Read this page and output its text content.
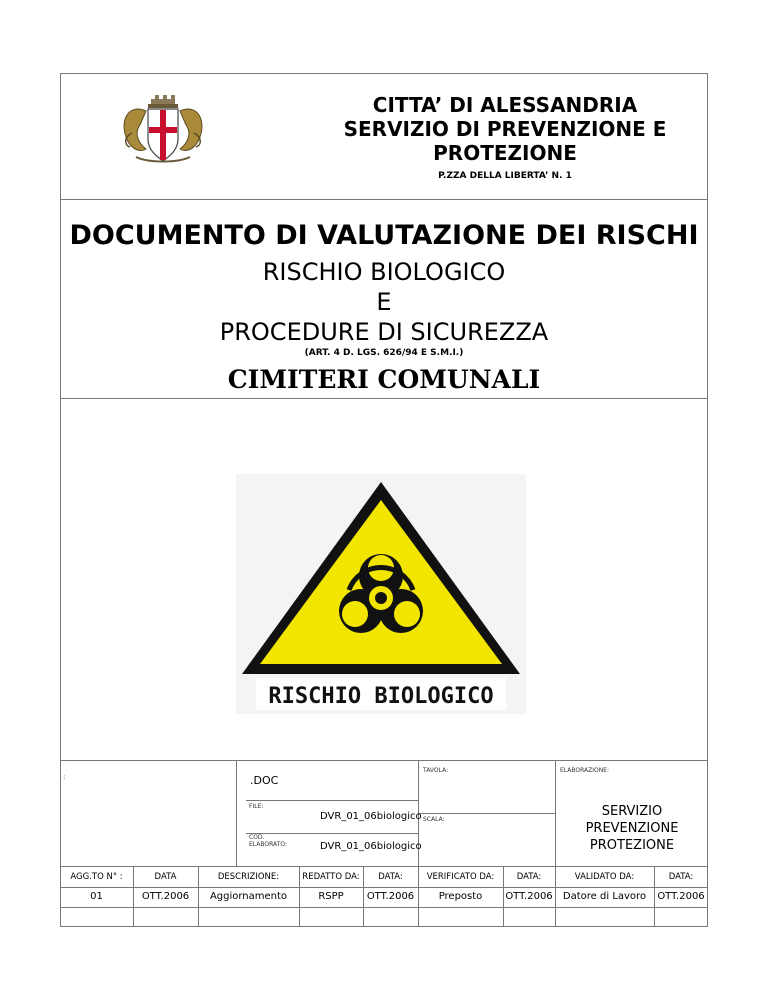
CITTA’ DI ALESSANDRIA
SERVIZIO DI PREVENZIONE E
PROTEZIONE
P.ZZA DELLA LIBERTA’ N. 1
DOCUMENTO DI VALUTAZIONE DEI RISCHI
RISCHIO BIOLOGICO
E
PROCEDURE DI SICUREZZA
(ART. 4 D. LGS. 626/94 E S.M.I.)
CIMITERI COMUNALI
RISCHIO BIOLOGICO
:	.DOC
FILE:
DVR_01_06biologico
COD.
ELABORATO:	DVR_01_06biologico
TAVOLA:
SCALA:
ELABORAZIONE:
SERVIZIO
PREVENZIONE
PROTEZIONE
AGG.TO N° :	DATA	DESCRIZIONE:	REDATTO DA:	DATA:	VERIFICATO DA:	DATA:	VALIDATO DA:	DATA:
01	OTT.2006	Aggiornamento	RSPP	OTT.2006	Preposto	OTT.2006	Datore di Lavoro	OTT.2006
